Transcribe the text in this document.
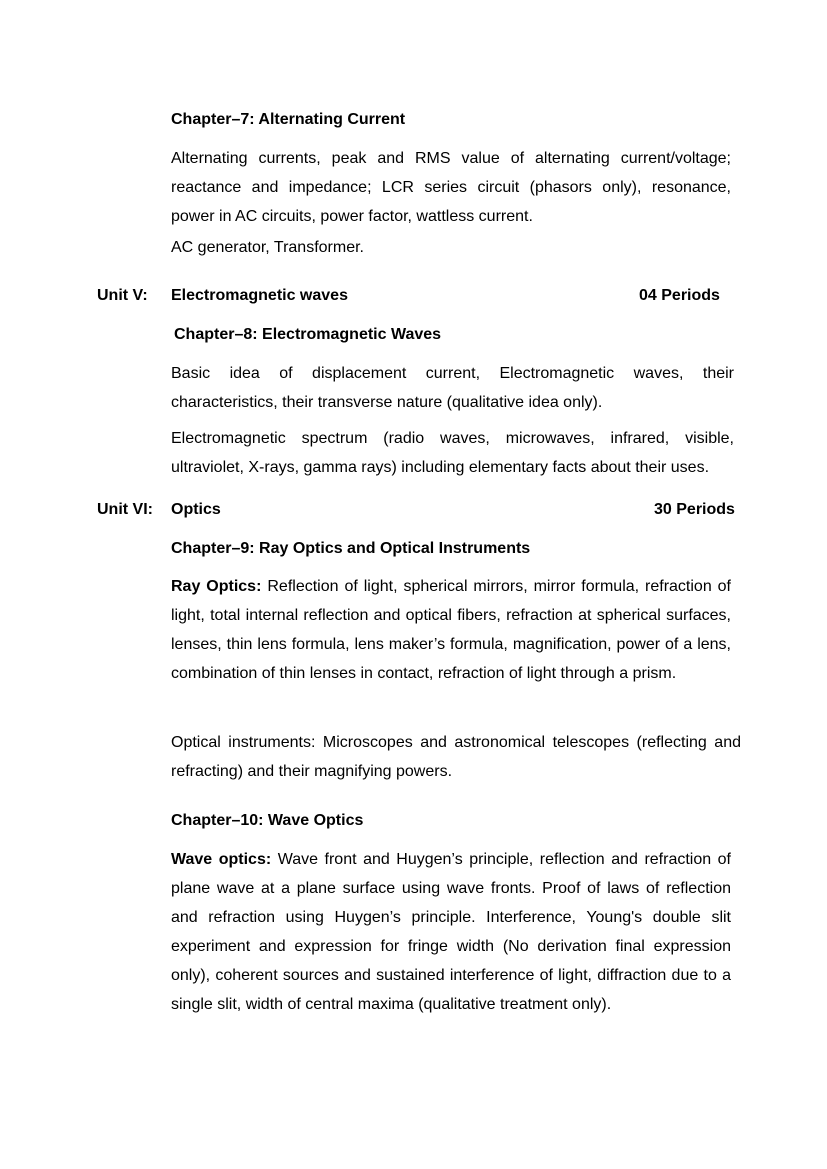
Chapter–7: Alternating Current
Alternating currents, peak and RMS value of alternating current/voltage; reactance and impedance; LCR series circuit (phasors only), resonance, power in AC circuits, power factor, wattless current.
AC generator, Transformer.
Unit V: Electromagnetic waves	04 Periods
Chapter–8: Electromagnetic Waves
Basic idea of displacement current, Electromagnetic waves, their characteristics, their transverse nature (qualitative idea only).
Electromagnetic spectrum (radio waves, microwaves, infrared, visible, ultraviolet, X-rays, gamma rays) including elementary facts about their uses.
Unit VI: Optics	30 Periods
Chapter–9: Ray Optics and Optical Instruments
Ray Optics: Reflection of light, spherical mirrors, mirror formula, refraction of light, total internal reflection and optical fibers, refraction at spherical surfaces, lenses, thin lens formula, lens maker’s formula, magnification, power of a lens, combination of thin lenses in contact, refraction of light through a prism.
Optical instruments: Microscopes and astronomical telescopes (reflecting and refracting) and their magnifying powers.
Chapter–10: Wave Optics
Wave optics: Wave front and Huygen’s principle, reflection and refraction of plane wave at a plane surface using wave fronts. Proof of laws of reflection and refraction using Huygen’s principle. Interference, Young's double slit experiment and expression for fringe width (No derivation final expression only), coherent sources and sustained interference of light, diffraction due to a single slit, width of central maxima (qualitative treatment only).
